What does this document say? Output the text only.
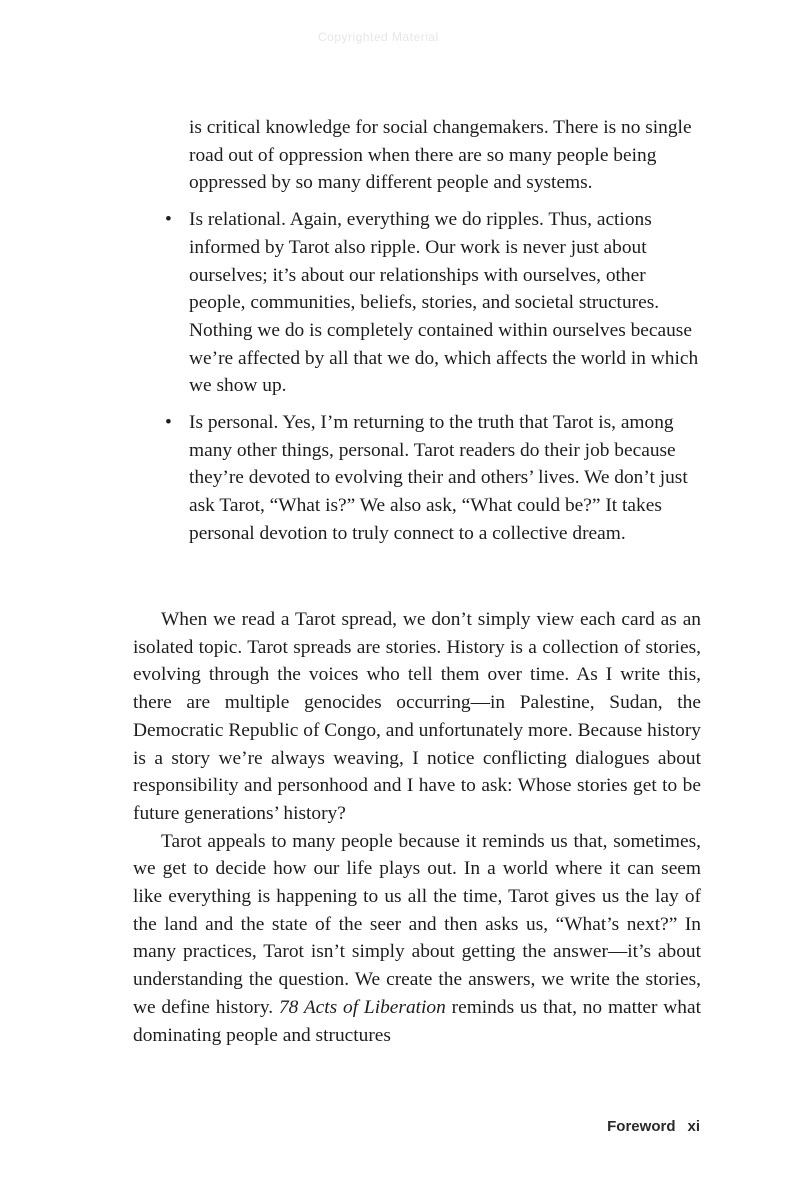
Copyrighted Material
is critical knowledge for social changemakers. There is no single road out of oppression when there are so many people being oppressed by so many different people and systems.
• Is relational. Again, everything we do ripples. Thus, actions informed by Tarot also ripple. Our work is never just about ourselves; it’s about our relationships with ourselves, other people, communities, beliefs, stories, and societal structures. Nothing we do is completely contained within ourselves because we’re affected by all that we do, which affects the world in which we show up.
• Is personal. Yes, I’m returning to the truth that Tarot is, among many other things, personal. Tarot readers do their job because they’re devoted to evolving their and others’ lives. We don’t just ask Tarot, “What is?” We also ask, “What could be?” It takes personal devotion to truly connect to a collective dream.

When we read a Tarot spread, we don’t simply view each card as an isolated topic. Tarot spreads are stories. History is a collection of stories, evolving through the voices who tell them over time. As I write this, there are multiple genocides occurring—in Palestine, Sudan, the Democratic Republic of Congo, and unfortunately more. Because history is a story we’re always weaving, I notice conflicting dialogues about responsibility and personhood and I have to ask: Whose stories get to be future generations’ history?

Tarot appeals to many people because it reminds us that, sometimes, we get to decide how our life plays out. In a world where it can seem like everything is happening to us all the time, Tarot gives us the lay of the land and the state of the seer and then asks us, “What’s next?” In many practices, Tarot isn’t simply about getting the answer—it’s about understanding the question. We create the answers, we write the stories, we define history. 78 Acts of Liberation reminds us that, no matter what dominating people and structures

Foreword xi
